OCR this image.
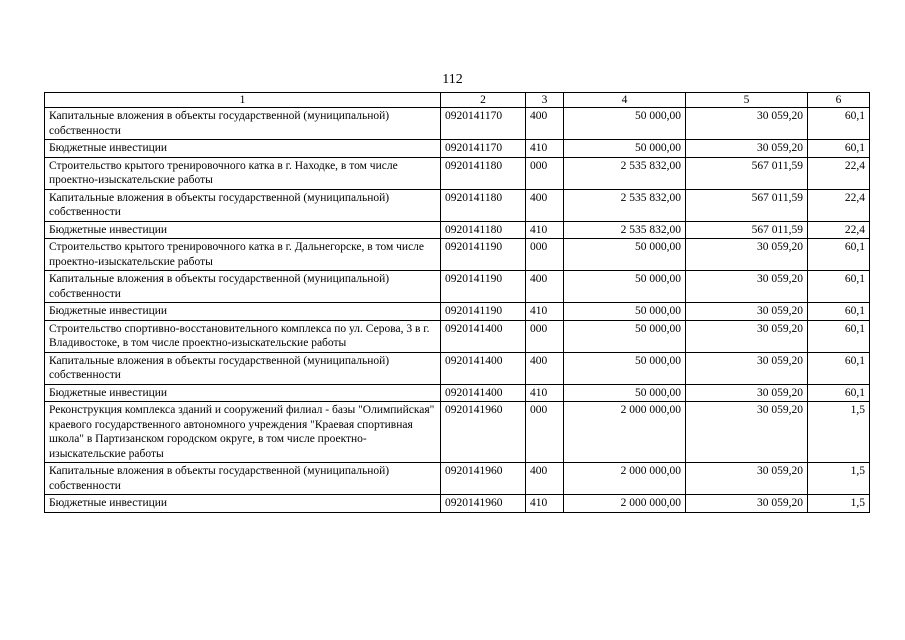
112
1	2	3	4	5	6
Капитальные вложения в объекты государственной (муниципальной) собственности	0920141170	400	50 000,00	30 059,20	60,1
Бюджетные инвестиции	0920141170	410	50 000,00	30 059,20	60,1
Строительство крытого тренировочного катка в г. Находке, в том числе проектно-изыскательские работы	0920141180	000	2 535 832,00	567 011,59	22,4
Капитальные вложения в объекты государственной (муниципальной) собственности	0920141180	400	2 535 832,00	567 011,59	22,4
Бюджетные инвестиции	0920141180	410	2 535 832,00	567 011,59	22,4
Строительство крытого тренировочного катка в г. Дальнегорске, в том числе проектно-изыскательские работы	0920141190	000	50 000,00	30 059,20	60,1
Капитальные вложения в объекты государственной (муниципальной) собственности	0920141190	400	50 000,00	30 059,20	60,1
Бюджетные инвестиции	0920141190	410	50 000,00	30 059,20	60,1
Строительство спортивно-восстановительного комплекса по ул. Серова, 3 в г. Владивостоке, в том числе проектно-изыскательские работы	0920141400	000	50 000,00	30 059,20	60,1
Капитальные вложения в объекты государственной (муниципальной) собственности	0920141400	400	50 000,00	30 059,20	60,1
Бюджетные инвестиции	0920141400	410	50 000,00	30 059,20	60,1
Реконструкция комплекса зданий и сооружений филиал - базы "Олимпийская" краевого государственного автономного учреждения "Краевая спортивная школа" в Партизанском городском округе, в том числе проектно-изыскательские работы	0920141960	000	2 000 000,00	30 059,20	1,5
Капитальные вложения в объекты государственной (муниципальной) собственности	0920141960	400	2 000 000,00	30 059,20	1,5
Бюджетные инвестиции	0920141960	410	2 000 000,00	30 059,20	1,5
